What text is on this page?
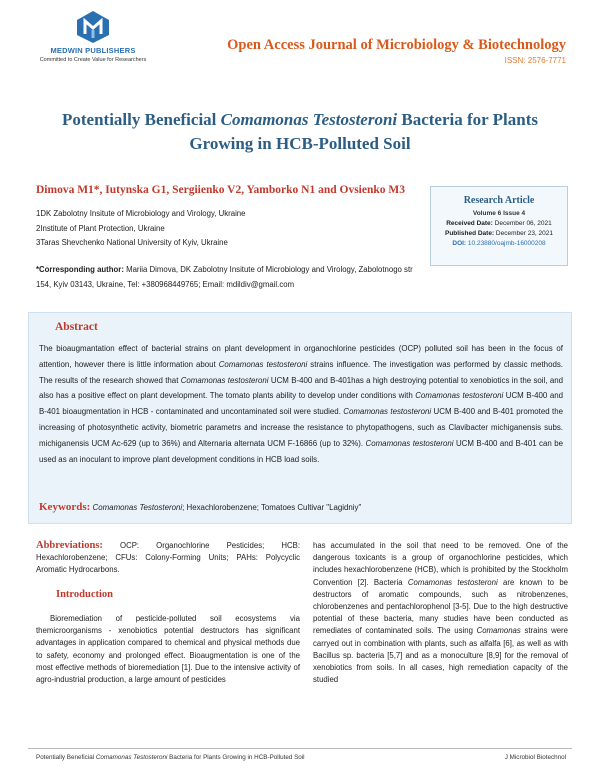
MEDWIN PUBLISHERS
Committed to Create Value for Researchers
Open Access Journal of Microbiology & Biotechnology
ISSN: 2576-7771
Potentially Beneficial Comamonas Testosteroni Bacteria for Plants Growing in HCB-Polluted Soil
Dimova M1*, Iutynska G1, Sergiienko V2, Yamborko N1 and Ovsienko M3
1DK Zabolotny Insitute of Microbiology and Virology, Ukraine
2Institute of Plant Protection, Ukraine
3Taras Shevchenko National University of Kyiv, Ukraine
*Corresponding author: Mariia Dimova, DK Zabolotny Insitute of Microbiology and Virology, Zabolotnogo str 154, Kyiv 03143, Ukraine, Tel: +380968449765; Email: mdildiv@gmail.com
Research Article
Volume 6 Issue 4
Received Date: December 06, 2021
Published Date: December 23, 2021
DOI: 10.23880/oajmb-16000208
Abstract
The bioaugmantation effect of bacterial strains on plant development in organochlorine pesticides (OCP) polluted soil has been in the focus of attention, however there is little information about Comamonas testosteroni strains influence. The investigation was performed by classic methods. The results of the research showed that Comamonas testosteroni UCM B-400 and B-401has a high destroying potential to xenobiotics in the soil, and also has a positive effect on plant development. The tomato plants ability to develop under conditions with Comamonas testosteroni UCM B-400 and B-401 bioaugmentation in HCB - contaminated and uncontaminated soil were studied. Comamonas testosteroni UCM B-400 and B-401 promoted the increasing of photosynthetic activity, biometric parametrs and increase the resistance to phytopathogens, such as Clavibacter michiganensis subs. michiganensis UCM Ac-629 (up to 36%) and Alternaria alternata UCM F-16866 (up to 32%). Comamonas testosteroni UCM B-400 and B-401 can be used as an inoculant to improve plant development conditions in HCB load soils.
Keywords: Comamonas Testosteroni; Hexachlorobenzene; Tomatoes Cultivar "Lagidniy"
Abbreviations: OCP: Organochlorine Pesticides; HCB: Hexachlorobenzene; CFUs: Colony-Forming Units; PAHs: Polycyclic Aromatic Hydrocarbons.
Introduction
Bioremediation of pesticide-polluted soil ecosystems via themicroorganisms - xenobiotics potential destructors has significant advantages in application compared to chemical and physical methods due to safety, economy and prolonged effect. Bioaugmentation is one of the most effective methods of bioremediation [1]. Due to the intensive activity of agro-industrial production, a large amount of pesticides
has accumulated in the soil that need to be removed. One of the dangerous toxicants is a group of organochlorine pesticides, which includes hexachlorobenzene (HCB), which is prohibited by the Stockholm Convention [2]. Bacteria Comamonas testosteroni are known to be destructors of aromatic compounds, such as nitrobenzenes, chlorobenzenes and pentachlorophenol [3-5]. Due to the high destructive potential of these bacteria, many studies have been conducted as remediates of contaminated soils. The using Comamonas strains were carryed out in combination with plants, such as alfalfa [6], as well as with Bacillus sp. bacteria [5,7] and as a monoculture [8,9] for the removal of xenobiotics from soils. In all cases, high remediation capacity of the studied
Potentially Beneficial Comamonas Testosteroni Bacteria for Plants Growing in HCB-Polluted Soil	J Microbiol Biotechnol
